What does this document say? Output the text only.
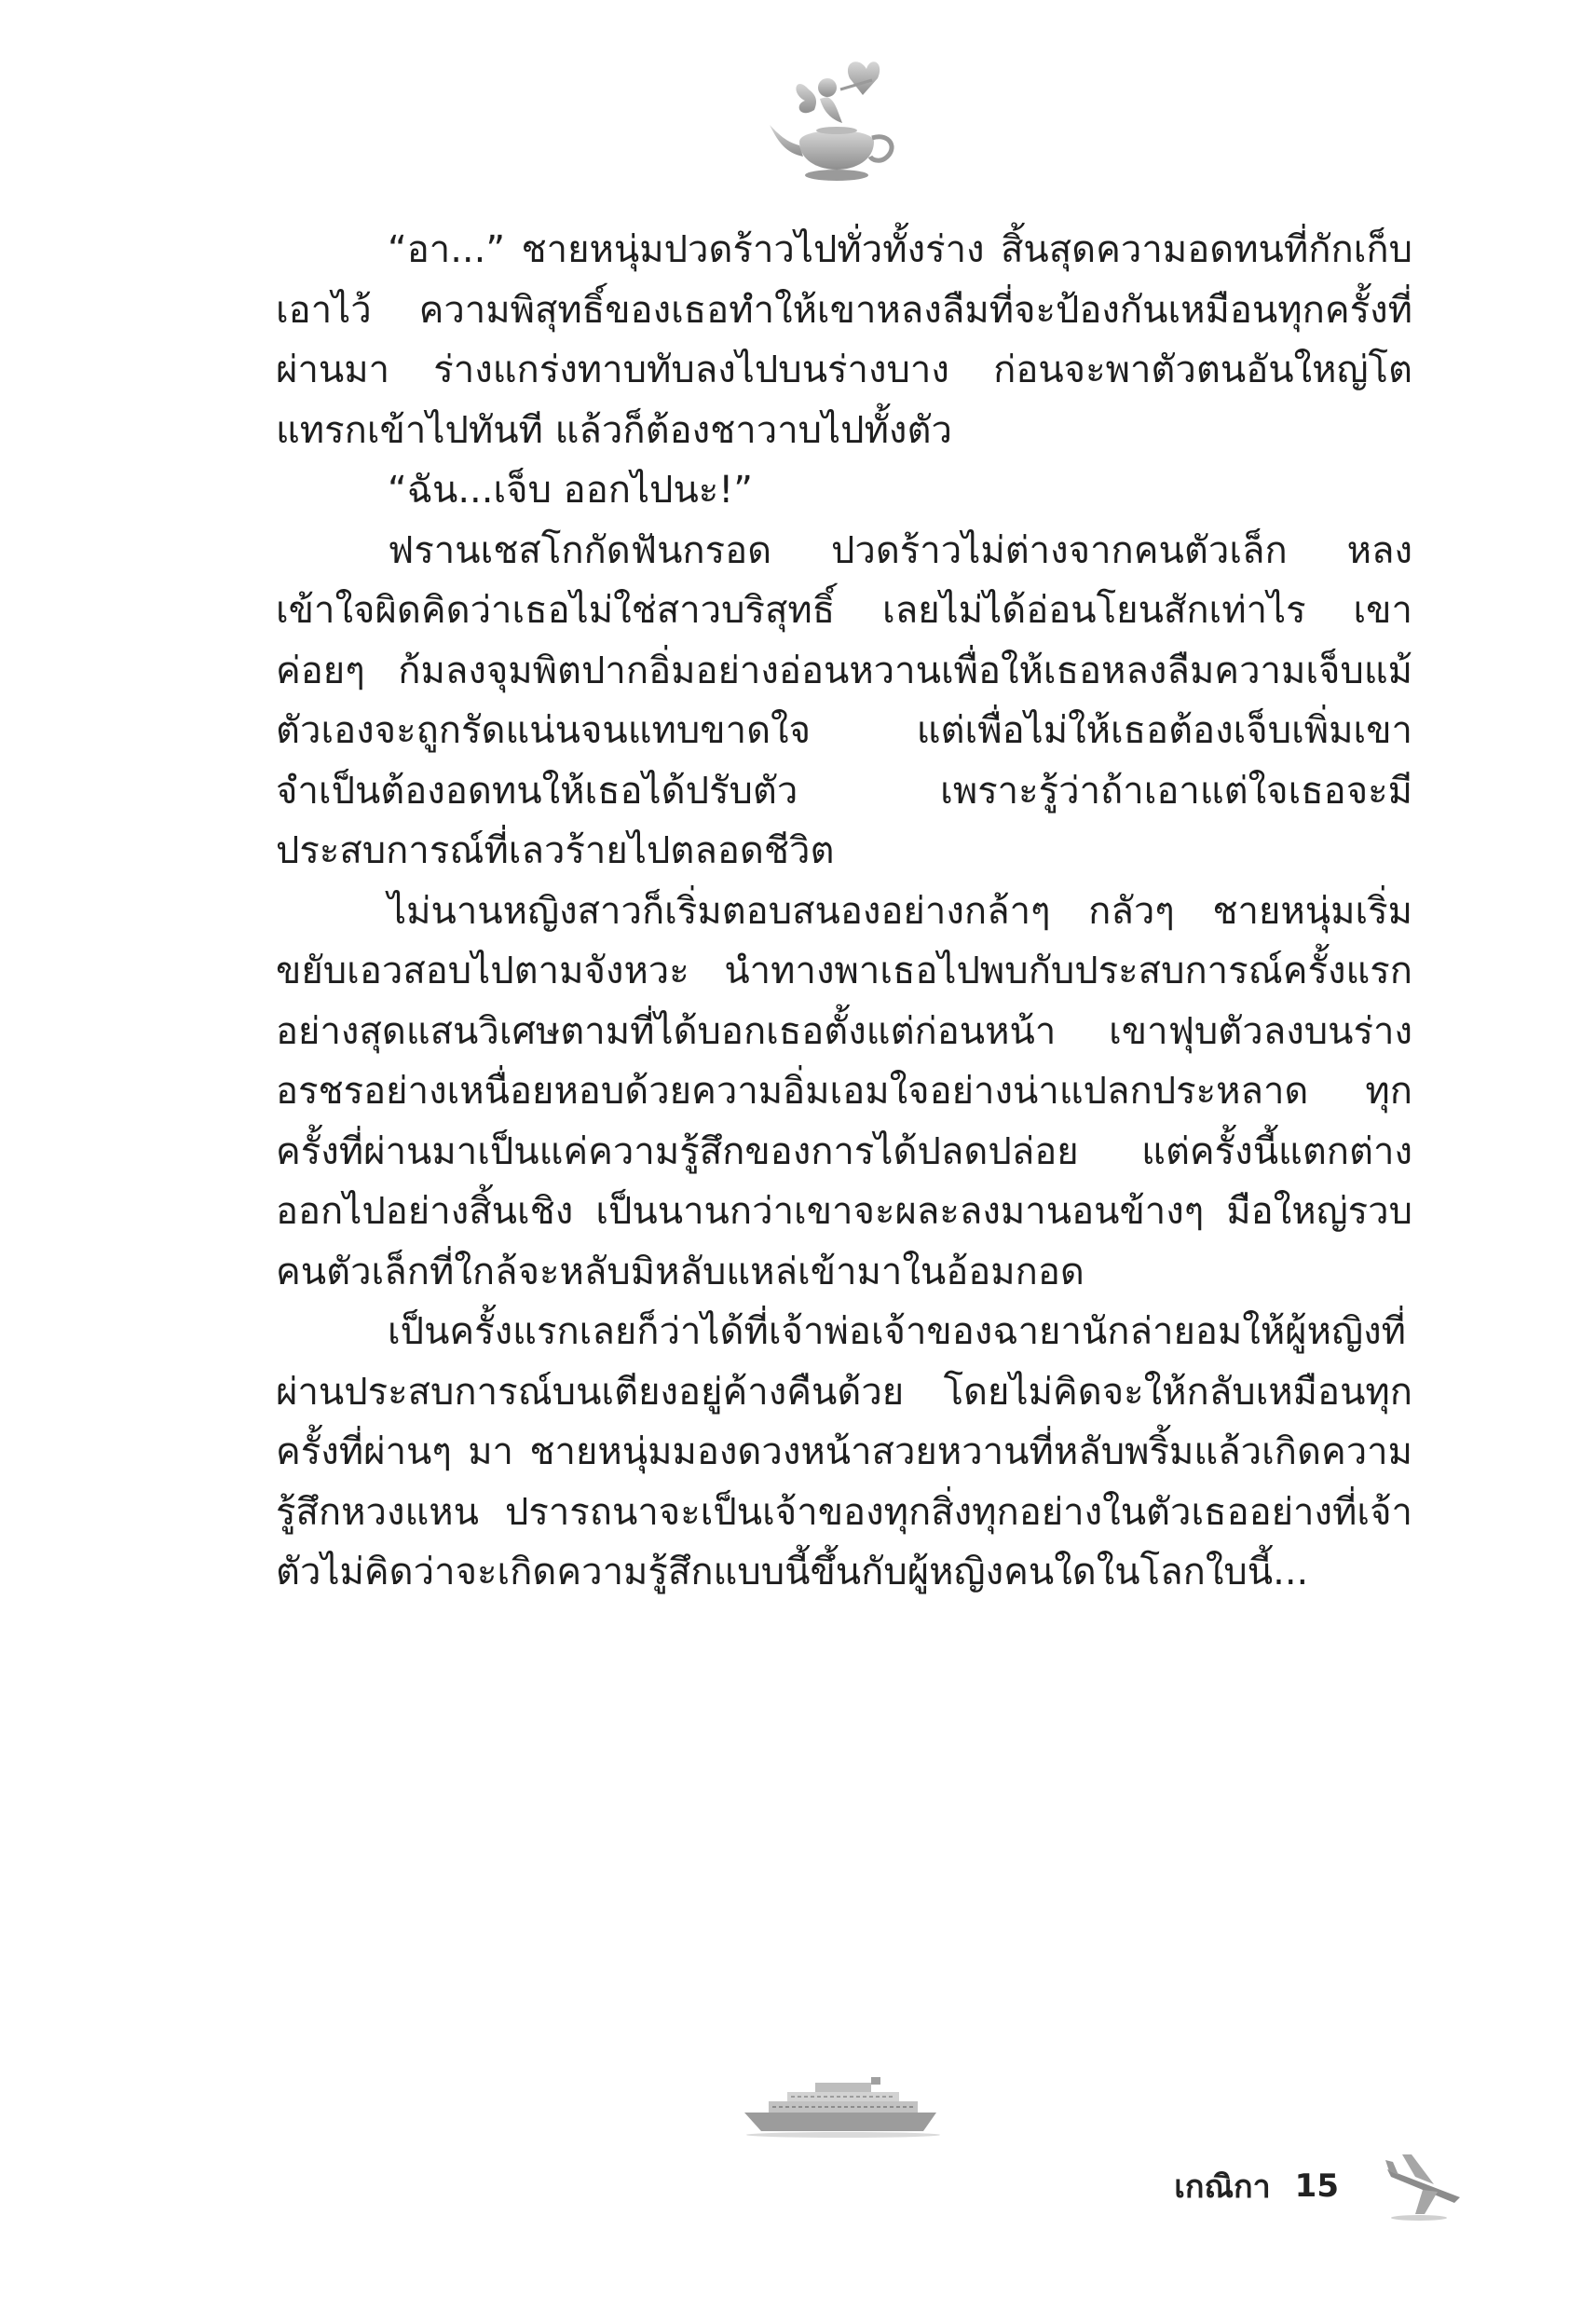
“อา...” ชายหนุ่มปวดร้าวไปทั่วทั้งร่าง สิ้นสุดความอดทนที่กักเก็บเอาไว้ ความพิสุทธิ์ของเธอทำให้เขาหลงลืมที่จะป้องกันเหมือนทุกครั้งที่ผ่านมา ร่างแกร่งทาบทับลงไปบนร่างบาง ก่อนจะพาตัวตนอันใหญ่โตแทรกเข้าไปทันที แล้วก็ต้องชาวาบไปทั้งตัว

“ฉัน...เจ็บ ออกไปนะ!”

ฟรานเชสโกกัดฟันกรอด ปวดร้าวไม่ต่างจากคนตัวเล็ก หลงเข้าใจผิดคิดว่าเธอไม่ใช่สาวบริสุทธิ์ เลยไม่ได้อ่อนโยนสักเท่าไร เขาค่อยๆ ก้มลงจุมพิตปากอิ่มอย่างอ่อนหวานเพื่อให้เธอหลงลืมความเจ็บแม้ตัวเองจะถูกรัดแน่นจนแทบขาดใจ แต่เพื่อไม่ให้เธอต้องเจ็บเพิ่มเขาจำเป็นต้องอดทนให้เธอได้ปรับตัว เพราะรู้ว่าถ้าเอาแต่ใจเธอจะมีประสบการณ์ที่เลวร้ายไปตลอดชีวิต

ไม่นานหญิงสาวก็เริ่มตอบสนองอย่างกล้าๆ กลัวๆ ชายหนุ่มเริ่มขยับเอวสอบไปตามจังหวะ นำทางพาเธอไปพบกับประสบการณ์ครั้งแรกอย่างสุดแสนวิเศษตามที่ได้บอกเธอตั้งแต่ก่อนหน้า เขาฟุบตัวลงบนร่างอรชรอย่างเหนื่อยหอบด้วยความอิ่มเอมใจอย่างน่าแปลกประหลาด ทุกครั้งที่ผ่านมาเป็นแค่ความรู้สึกของการได้ปลดปล่อย แต่ครั้งนี้แตกต่างออกไปอย่างสิ้นเชิง เป็นนานกว่าเขาจะผละลงมานอนข้างๆ มือใหญ่รวบคนตัวเล็กที่ใกล้จะหลับมิหลับแหล่เข้ามาในอ้อมกอด

เป็นครั้งแรกเลยก็ว่าได้ที่เจ้าพ่อเจ้าของฉายานักล่ายอมให้ผู้หญิงที่ผ่านประสบการณ์บนเตียงอยู่ค้างคืนด้วย โดยไม่คิดจะให้กลับเหมือนทุกครั้งที่ผ่านๆ มา ชายหนุ่มมองดวงหน้าสวยหวานที่หลับพริ้มแล้วเกิดความรู้สึกหวงแหน ปรารถนาจะเป็นเจ้าของทุกสิ่งทุกอย่างในตัวเธออย่างที่เจ้าตัวไม่คิดว่าจะเกิดความรู้สึกแบบนี้ขึ้นกับผู้หญิงคนใดในโลกใบนี้...

เกณิกา 15
